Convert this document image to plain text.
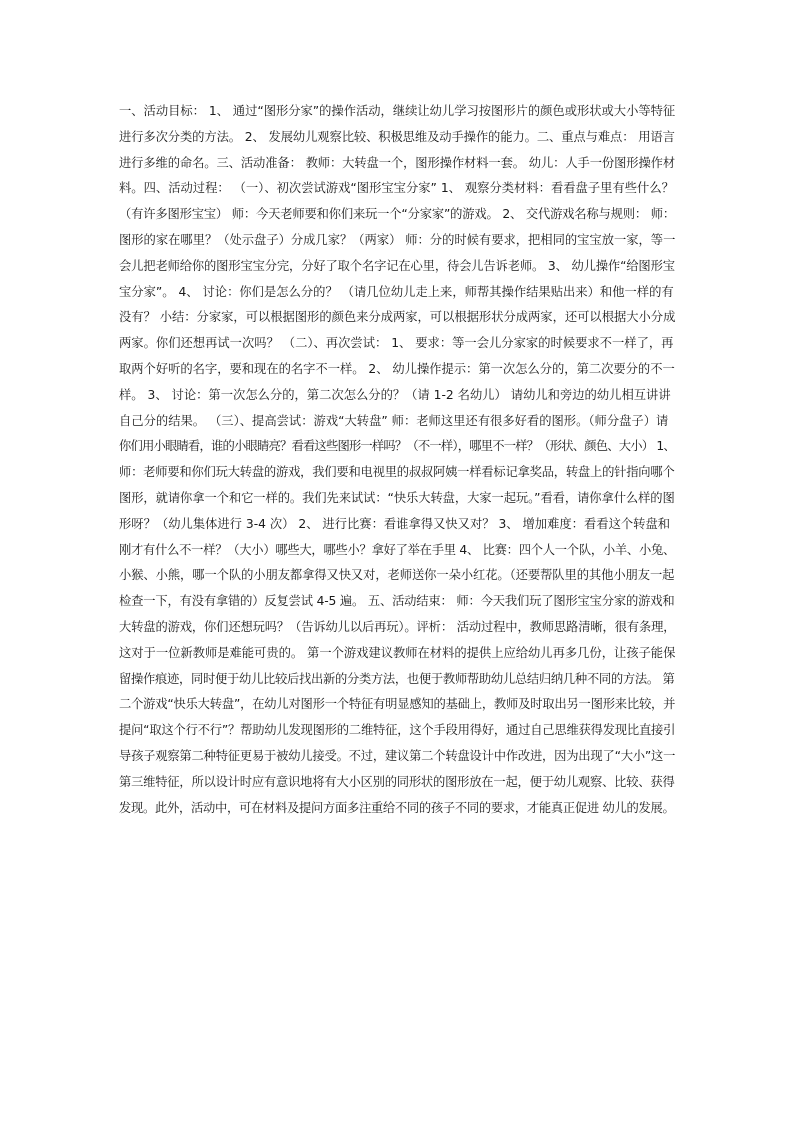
一、活动目标： 1、 通过“图形分家”的操作活动，继续让幼儿学习按图形片的颜色或形状或大小等特征
进行多次分类的方法。 2、 发展幼儿观察比较、积极思维及动手操作的能力。二、重点与难点： 用语言
进行多维的命名。三、活动准备： 教师：大转盘一个，图形操作材料一套。 幼儿：人手一份图形操作材
料。四、活动过程： （一）、初次尝试游戏“图形宝宝分家” 1、 观察分类材料：看看盘子里有些什么？
（有许多图形宝宝） 师：今天老师要和你们来玩一个“分家家”的游戏。 2、 交代游戏名称与规则： 师：
图形的家在哪里？（处示盘子）分成几家？（两家） 师：分的时候有要求，把相同的宝宝放一家，等一
会儿把老师给你的图形宝宝分完，分好了取个名字记在心里，待会儿告诉老师。 3、 幼儿操作“给图形宝
宝分家”。 4、 讨论：你们是怎么分的？ （请几位幼儿走上来，师帮其操作结果贴出来）和他一样的有
没有？ 小结：分家家，可以根据图形的颜色来分成两家，可以根据形状分成两家，还可以根据大小分成
两家。你们还想再试一次吗？ （二）、再次尝试： 1、 要求：等一会儿分家家的时候要求不一样了，再
取两个好听的名字，要和现在的名字不一样。 2、 幼儿操作提示：第一次怎么分的，第二次要分的不一
样。 3、 讨论：第一次怎么分的，第二次怎么分的？（请 1-2 名幼儿） 请幼儿和旁边的幼儿相互讲讲
自己分的结果。 （三）、提高尝试：游戏“大转盘” 师：老师这里还有很多好看的图形。（师分盘子）请
你们用小眼睛看，谁的小眼睛亮？看看这些图形一样吗？（不一样），哪里不一样？（形状、颜色、大小） 1、
师：老师要和你们玩大转盘的游戏，我们要和电视里的叔叔阿姨一样看标记拿奖品，转盘上的针指向哪个
图形，就请你拿一个和它一样的。我们先来试试：“快乐大转盘，大家一起玩。”看看，请你拿什么样的图
形呀？（幼儿集体进行 3-4 次） 2、 进行比赛：看谁拿得又快又对？ 3、 增加难度：看看这个转盘和
刚才有什么不一样？（大小）哪些大，哪些小？拿好了举在手里 4、 比赛：四个人一个队，小羊、小兔、
小猴、小熊，哪一个队的小朋友都拿得又快又对，老师送你一朵小红花。（还要帮队里的其他小朋友一起
检查一下，有没有拿错的）反复尝试 4-5 遍。 五、活动结束： 师：今天我们玩了图形宝宝分家的游戏和
大转盘的游戏，你们还想玩吗？（告诉幼儿以后再玩）。评析： 活动过程中，教师思路清晰，很有条理，
这对于一位新教师是难能可贵的。 第一个游戏建议教师在材料的提供上应给幼儿再多几份，让孩子能保
留操作痕迹，同时便于幼儿比较后找出新的分类方法，也便于教师帮助幼儿总结归纳几种不同的方法。 第
二个游戏“快乐大转盘”，在幼儿对图形一个特征有明显感知的基础上，教师及时取出另一图形来比较，并
提问“取这个行不行”？帮助幼儿发现图形的二维特征，这个手段用得好，通过自己思维获得发现比直接引
导孩子观察第二种特征更易于被幼儿接受。不过，建议第二个转盘设计中作改进，因为出现了“大小”这一
第三维特征，所以设计时应有意识地将有大小区别的同形状的图形放在一起，便于幼儿观察、比较、获得
发现。此外，活动中，可在材料及提问方面多注重给不同的孩子不同的要求，才能真正促进 幼儿的发展。
